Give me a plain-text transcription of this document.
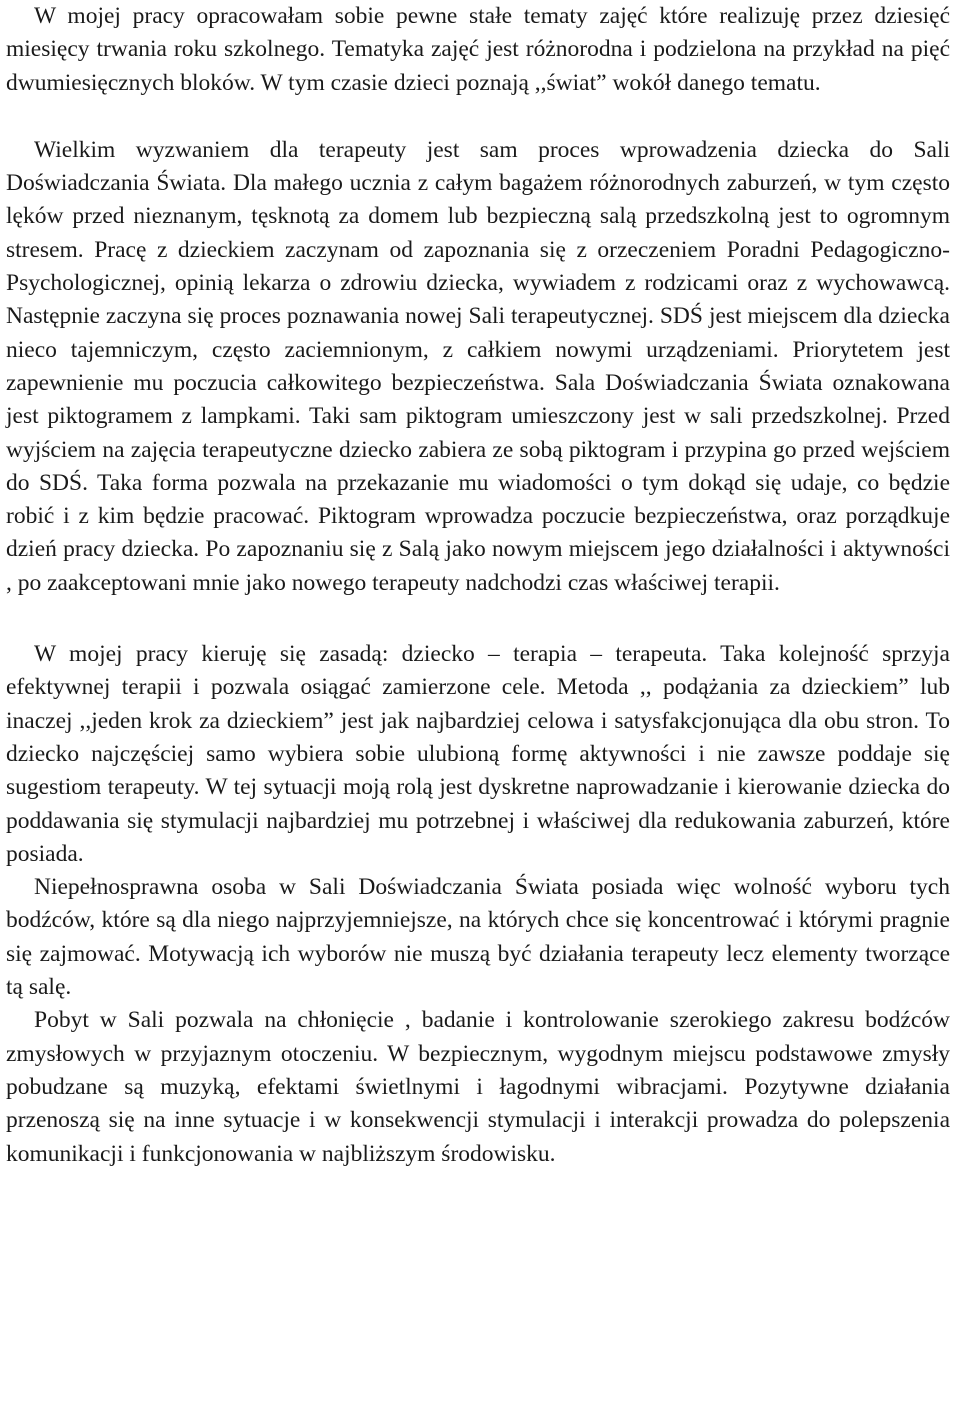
W mojej pracy opracowałam sobie pewne stałe tematy zajęć które realizuję przez dziesięć miesięcy trwania roku szkolnego. Tematyka zajęć jest różnorodna i podzielona na przykład na pięć dwumiesięcznych bloków. W tym czasie dzieci poznają ,,świat” wokół danego tematu.

Wielkim wyzwaniem dla terapeuty jest sam proces wprowadzenia dziecka do Sali Doświadczania Świata. Dla małego ucznia z całym bagażem różnorodnych zaburzeń, w tym często lęków przed nieznanym, tęsknotą za domem lub bezpieczną salą przedszkolną jest to ogromnym stresem. Pracę z dzieckiem zaczynam od zapoznania się z orzeczeniem Poradni Pedagogiczno-Psychologicznej, opinią lekarza o zdrowiu dziecka, wywiadem z rodzicami oraz z wychowawcą. Następnie zaczyna się proces poznawania nowej Sali terapeutycznej. SDŚ jest miejscem dla dziecka nieco tajemniczym, często zaciemnionym, z całkiem nowymi urządzeniami. Priorytetem jest zapewnienie mu poczucia całkowitego bezpieczeństwa. Sala Doświadczania Świata oznakowana jest piktogramem z lampkami. Taki sam piktogram umieszczony jest w sali przedszkolnej. Przed wyjściem na zajęcia terapeutyczne dziecko zabiera ze sobą piktogram i przypina go przed wejściem do SDŚ. Taka forma pozwala na przekazanie mu wiadomości o tym dokąd się udaje, co będzie robić i z kim będzie pracować. Piktogram wprowadza poczucie bezpieczeństwa, oraz porządkuje dzień pracy dziecka. Po zapoznaniu się z Salą jako nowym miejscem jego działalności i aktywności , po zaakceptowani mnie jako nowego terapeuty nadchodzi czas właściwej terapii.

W mojej pracy kieruję się zasadą: dziecko – terapia – terapeuta. Taka kolejność sprzyja efektywnej terapii i pozwala osiągać zamierzone cele. Metoda ,, podążania za dzieckiem” lub inaczej ,,jeden krok za dzieckiem” jest jak najbardziej celowa i satysfakcjonująca dla obu stron. To dziecko najczęściej samo wybiera sobie ulubioną formę aktywności i nie zawsze poddaje się sugestiom terapeuty. W tej sytuacji moją rolą jest dyskretne naprowadzanie i kierowanie dziecka do poddawania się stymulacji najbardziej mu potrzebnej i właściwej dla redukowania zaburzeń, które posiada.

Niepełnosprawna osoba w Sali Doświadczania Świata posiada więc wolność wyboru tych bodźców, które są dla niego najprzyjemniejsze, na których chce się koncentrować i którymi pragnie się zajmować. Motywacją ich wyborów nie muszą być działania terapeuty lecz elementy tworzące tą salę.

Pobyt w Sali pozwala na chłonięcie , badanie i kontrolowanie szerokiego zakresu bodźców zmysłowych w przyjaznym otoczeniu. W bezpiecznym, wygodnym miejscu podstawowe zmysły pobudzane są muzyką, efektami świetlnymi i łagodnymi wibracjami. Pozytywne działania przenoszą się na inne sytuacje i w konsekwencji stymulacji i interakcji prowadza do polepszenia komunikacji i funkcjonowania w najbliższym środowisku.
